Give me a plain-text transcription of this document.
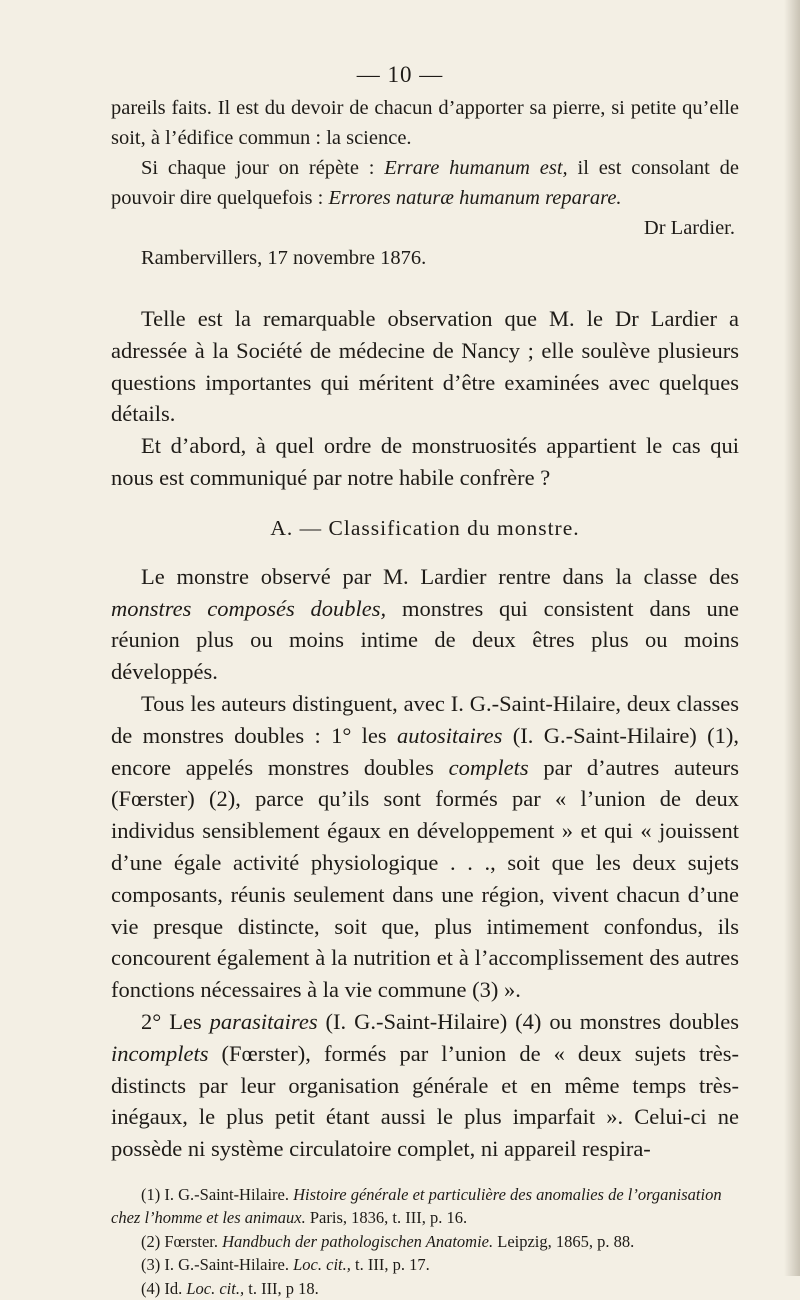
— 10 —

pareils faits. Il est du devoir de chacun d’apporter sa pierre, si petite qu’elle soit, à l’édifice commun : la science.

Si chaque jour on répète : Errare humanum est, il est consolant de pouvoir dire quelquefois : Errores naturæ humanum reparare.

Dr Lardier.

Rambervillers, 17 novembre 1876.

Telle est la remarquable observation que M. le Dr Lardier a adressée à la Société de médecine de Nancy ; elle soulève plusieurs questions importantes qui méritent d’être examinées avec quelques détails.

Et d’abord, à quel ordre de monstruosités appartient le cas qui nous est communiqué par notre habile confrère ?

A. — Classification du monstre.

Le monstre observé par M. Lardier rentre dans la classe des monstres composés doubles, monstres qui consistent dans une réunion plus ou moins intime de deux êtres plus ou moins développés.

Tous les auteurs distinguent, avec I. G.-Saint-Hilaire, deux classes de monstres doubles : 1° les autositaires (I. G.-Saint-Hilaire) (1), encore appelés monstres doubles complets par d’autres auteurs (Fœrster) (2), parce qu’ils sont formés par « l’union de deux individus sensiblement égaux en développement » et qui « jouissent d’une égale activité physiologique . . ., soit que les deux sujets composants, réunis seulement dans une région, vivent chacun d’une vie presque distincte, soit que, plus intimement confondus, ils concourent également à la nutrition et à l’accomplissement des autres fonctions nécessaires à la vie commune (3) ».

2° Les parasitaires (I. G.-Saint-Hilaire) (4) ou monstres doubles incomplets (Fœrster), formés par l’union de « deux sujets très-distincts par leur organisation générale et en même temps très-inégaux, le plus petit étant aussi le plus imparfait ». Celui-ci ne possède ni système circulatoire complet, ni appareil respira-

(1) I. G.-Saint-Hilaire. Histoire générale et particulière des anomalies de l’organisation chez l’homme et les animaux. Paris, 1836, t. III, p. 16.

(2) Fœrster. Handbuch der pathologischen Anatomie. Leipzig, 1865, p. 88.

(3) I. G.-Saint-Hilaire. Loc. cit., t. III, p. 17.

(4) Id. Loc. cit., t. III, p 18.
